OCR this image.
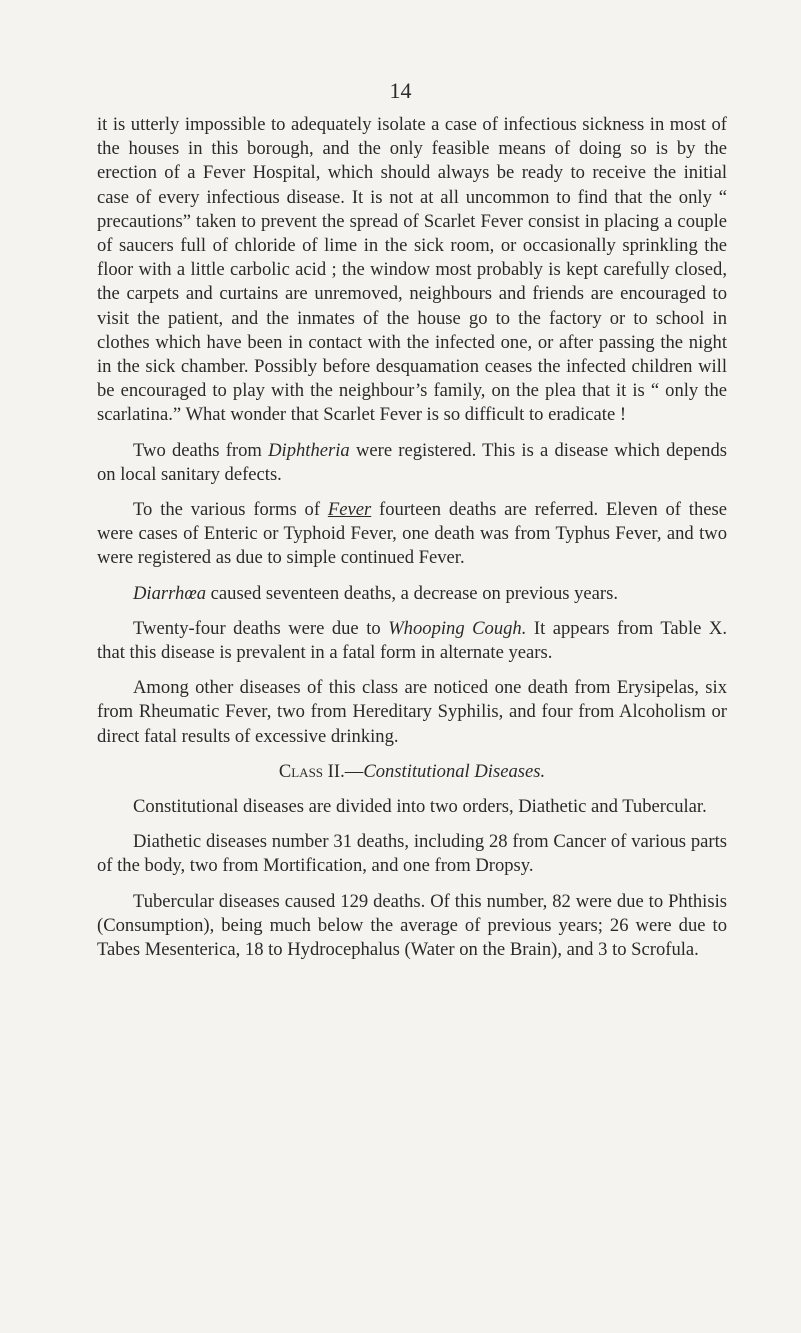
14

it is utterly impossible to adequately isolate a case of infectious sickness in most of the houses in this borough, and the only feasible means of doing so is by the erection of a Fever Hospital, which should always be ready to receive the initial case of every infectious disease. It is not at all uncommon to find that the only “ precautions” taken to prevent the spread of Scarlet Fever consist in placing a couple of saucers full of chloride of lime in the sick room, or occasionally sprinkling the floor with a little carbolic acid ; the window most probably is kept carefully closed, the carpets and curtains are unremoved, neighbours and friends are encouraged to visit the patient, and the inmates of the house go to the factory or to school in clothes which have been in contact with the infected one, or after passing the night in the sick chamber. Possibly before desquamation ceases the infected children will be encouraged to play with the neighbour’s family, on the plea that it is “ only the scarlatina.” What wonder that Scarlet Fever is so difficult to eradicate !

Two deaths from Diphtheria were registered. This is a disease which depends on local sanitary defects.

To the various forms of Fever fourteen deaths are referred. Eleven of these were cases of Enteric or Typhoid Fever, one death was from Typhus Fever, and two were registered as due to simple continued Fever.

Diarrhœa caused seventeen deaths, a decrease on previous years.

Twenty-four deaths were due to Whooping Cough. It appears from Table X. that this disease is prevalent in a fatal form in alternate years.

Among other diseases of this class are noticed one death from Erysipelas, six from Rheumatic Fever, two from Hereditary Syphilis, and four from Alcoholism or direct fatal results of excessive drinking.

Class II.—Constitutional Diseases.

Constitutional diseases are divided into two orders, Diathetic and Tubercular.

Diathetic diseases number 31 deaths, including 28 from Cancer of various parts of the body, two from Mortification, and one from Dropsy.

Tubercular diseases caused 129 deaths. Of this number, 82 were due to Phthisis (Consumption), being much below the average of previous years; 26 were due to Tabes Mesenterica, 18 to Hydrocephalus (Water on the Brain), and 3 to Scrofula.
